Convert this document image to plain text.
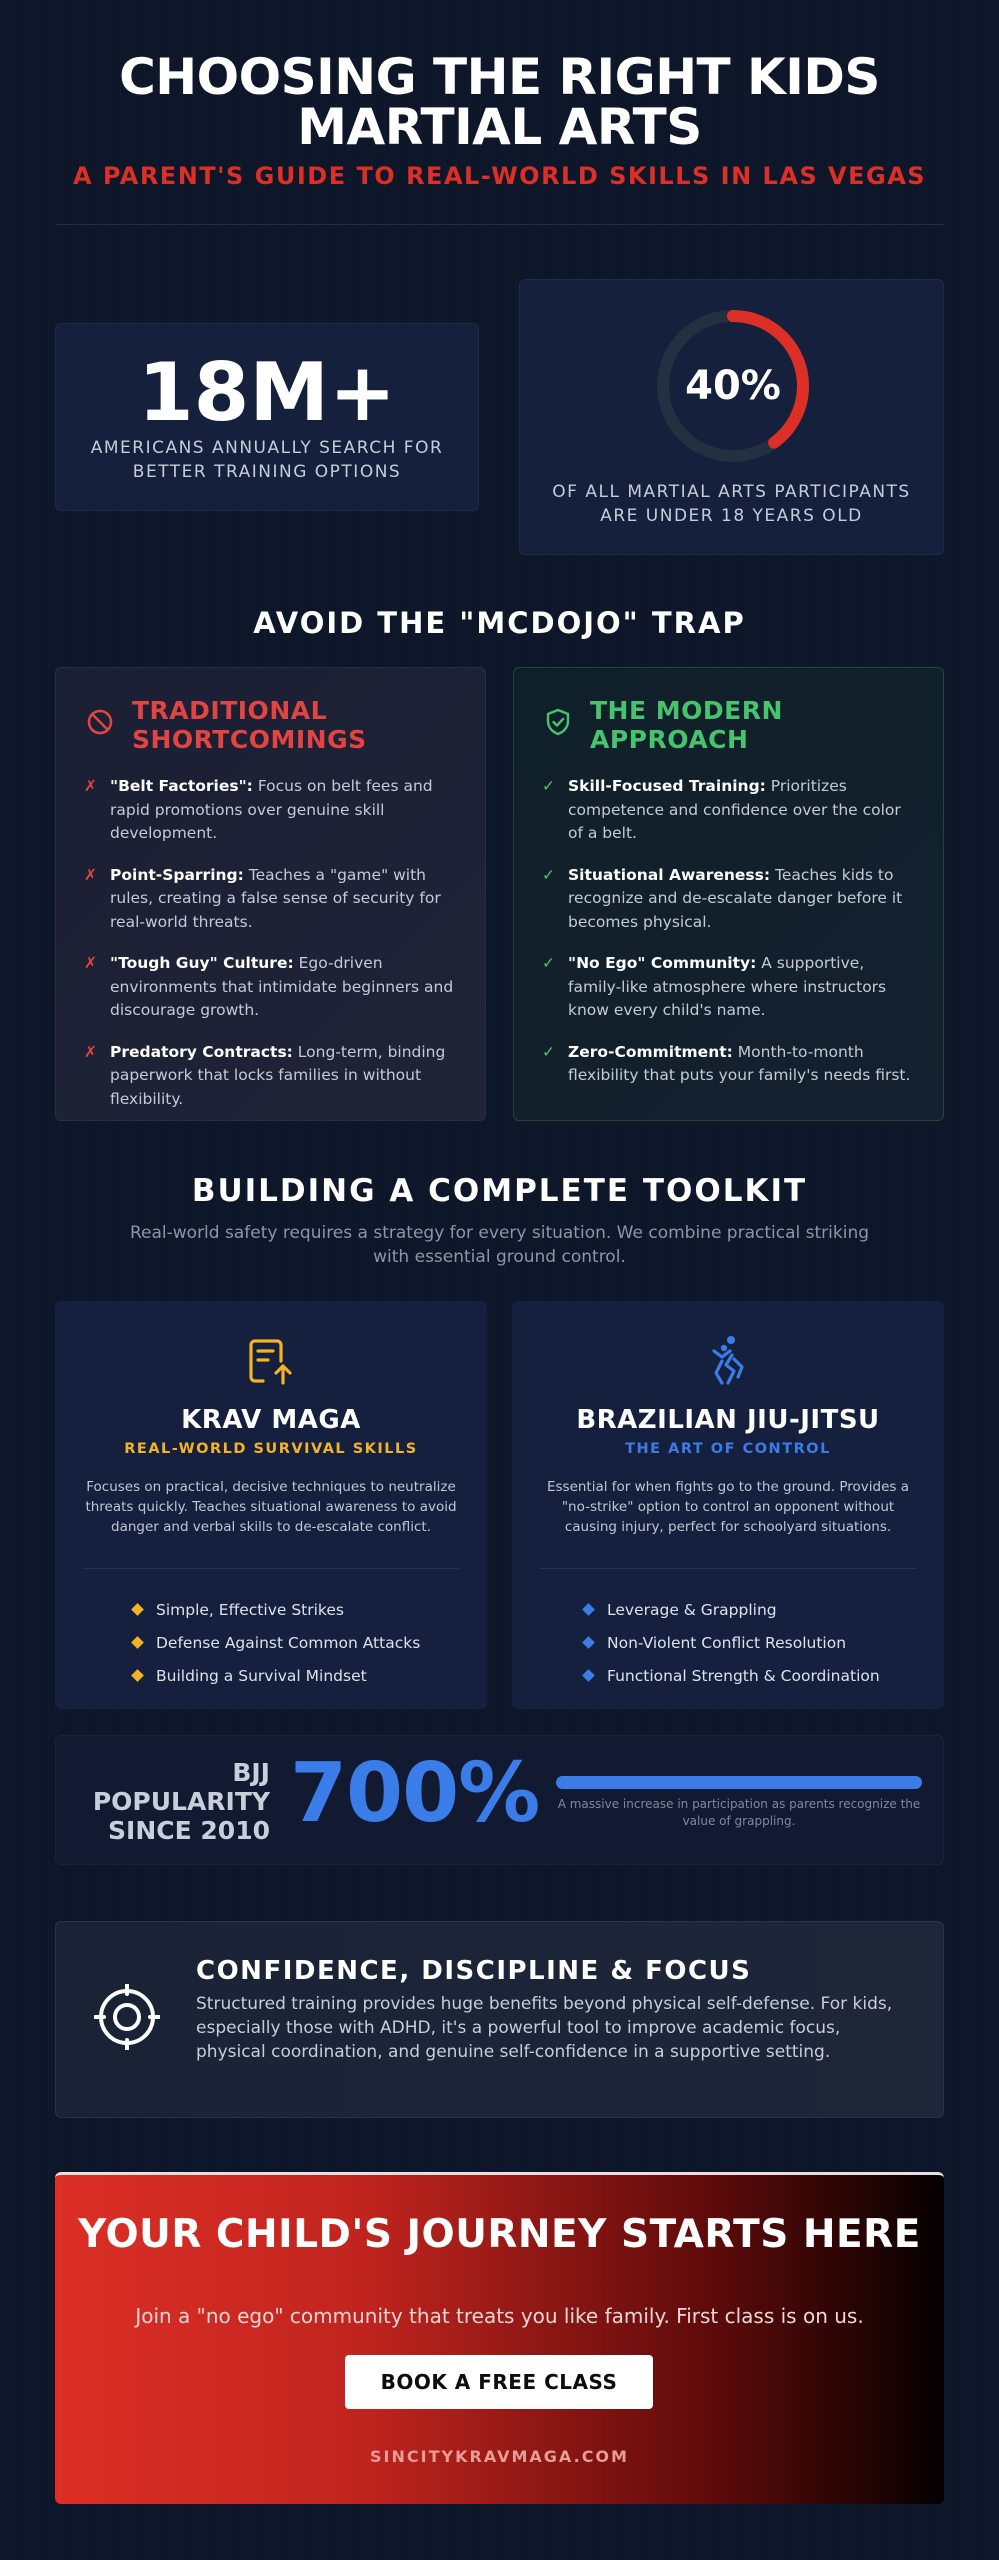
CHOOSING THE RIGHT KIDS MARTIAL ARTS
A PARENT'S GUIDE TO REAL-WORLD SKILLS IN LAS VEGAS
18M+
AMERICANS ANNUALLY SEARCH FOR BETTER TRAINING OPTIONS
40%
OF ALL MARTIAL ARTS PARTICIPANTS ARE UNDER 18 YEARS OLD
AVOID THE "MCDOJO" TRAP
TRADITIONAL SHORTCOMINGS
✗ "Belt Factories": Focus on belt fees and rapid promotions over genuine skill development.
✗ Point-Sparring: Teaches a "game" with rules, creating a false sense of security for real-world threats.
✗ "Tough Guy" Culture: Ego-driven environments that intimidate beginners and discourage growth.
✗ Predatory Contracts: Long-term, binding paperwork that locks families in without flexibility.
THE MODERN APPROACH
✓ Skill-Focused Training: Prioritizes competence and confidence over the color of a belt.
✓ Situational Awareness: Teaches kids to recognize and de-escalate danger before it becomes physical.
✓ "No Ego" Community: A supportive, family-like atmosphere where instructors know every child's name.
✓ Zero-Commitment: Month-to-month flexibility that puts your family's needs first.
BUILDING A COMPLETE TOOLKIT

Real-world safety requires a strategy for every situation. We combine practical striking with essential ground control.

KRAV MAGA
REAL-WORLD SURVIVAL SKILLS

Focuses on practical, decisive techniques to neutralize threats quickly. Teaches situational awareness to avoid danger and verbal skills to de-escalate conflict.

Simple, Effective Strikes
Defense Against Common Attacks
Building a Survival Mindset
BRAZILIAN JIU-JITSU
THE ART OF CONTROL

Essential for when fights go to the ground. Provides a "no-strike" option to control an opponent without causing injury, perfect for schoolyard situations.

Leverage & Grappling
Non-Violent Conflict Resolution
Functional Strength & Coordination
BJJ POPULARITY SINCE 2010 700% A massive increase in participation as parents recognize the value of grappling.

CONFIDENCE, DISCIPLINE & FOCUS

Structured training provides huge benefits beyond physical self-defense. For kids, especially those with ADHD, it's a powerful tool to improve academic focus, physical coordination, and genuine self-confidence in a supportive setting.

YOUR CHILD'S JOURNEY STARTS HERE
Join a "no ego" community that treats you like family. First class is on us.
BOOK A FREE CLASS
SINCITYKRAVMAGA.COM
